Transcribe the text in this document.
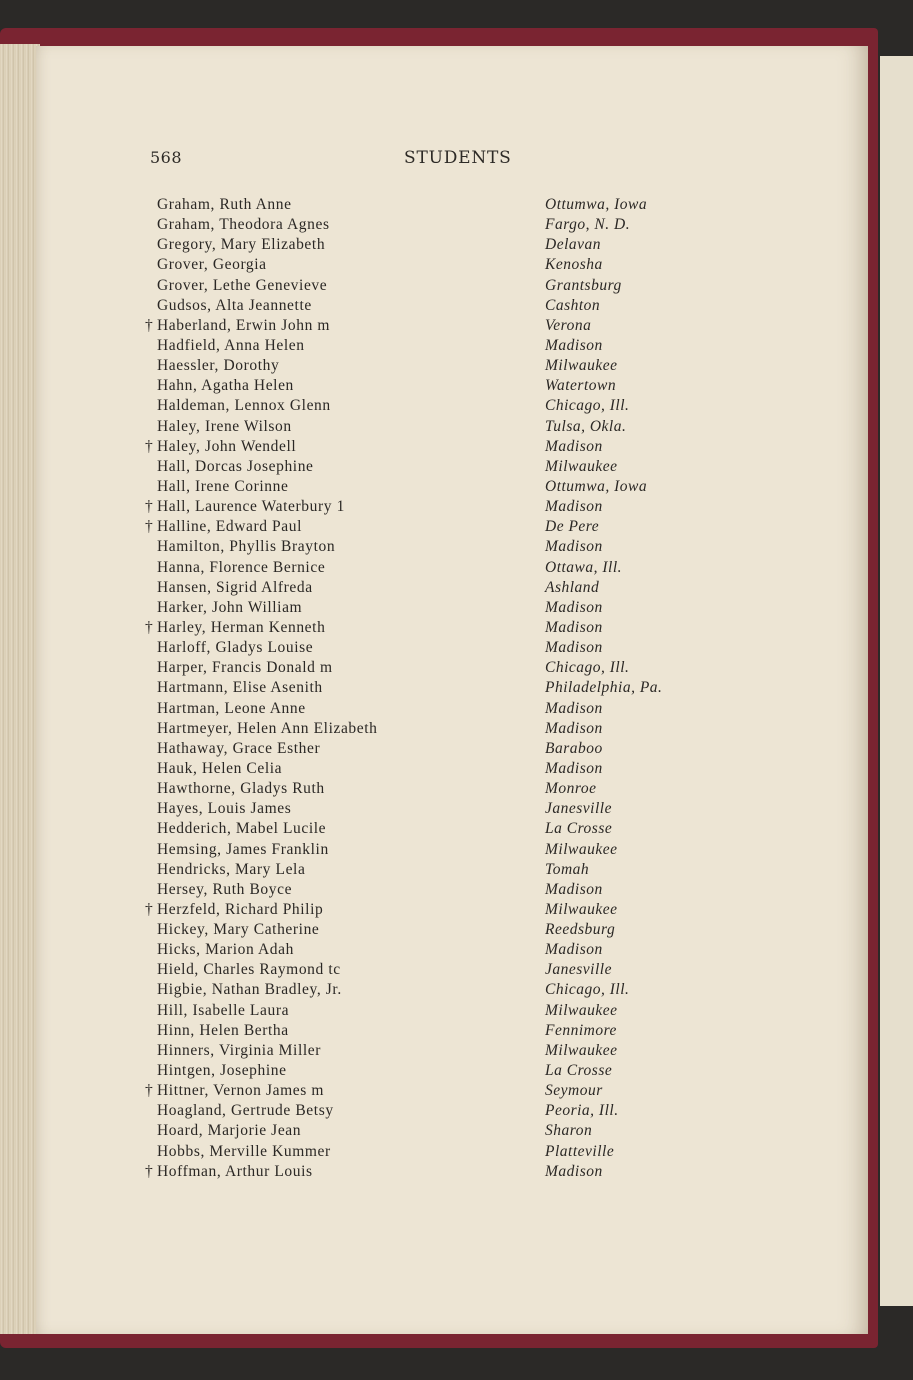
568	STUDENTS
Graham, Ruth Anne	Ottumwa, Iowa
Graham, Theodora Agnes	Fargo, N. D.
Gregory, Mary Elizabeth	Delavan
Grover, Georgia	Kenosha
Grover, Lethe Genevieve	Grantsburg
Gudsos, Alta Jeannette	Cashton
† Haberland, Erwin John m	Verona
Hadfield, Anna Helen	Madison
Haessler, Dorothy	Milwaukee
Hahn, Agatha Helen	Watertown
Haldeman, Lennox Glenn	Chicago, Ill.
Haley, Irene Wilson	Tulsa, Okla.
† Haley, John Wendell	Madison
Hall, Dorcas Josephine	Milwaukee
Hall, Irene Corinne	Ottumwa, Iowa
† Hall, Laurence Waterbury 1	Madison
† Halline, Edward Paul	De Pere
Hamilton, Phyllis Brayton	Madison
Hanna, Florence Bernice	Ottawa, Ill.
Hansen, Sigrid Alfreda	Ashland
Harker, John William	Madison
† Harley, Herman Kenneth	Madison
Harloff, Gladys Louise	Madison
Harper, Francis Donald m	Chicago, Ill.
Hartmann, Elise Asenith	Philadelphia, Pa.
Hartman, Leone Anne	Madison
Hartmeyer, Helen Ann Elizabeth	Madison
Hathaway, Grace Esther	Baraboo
Hauk, Helen Celia	Madison
Hawthorne, Gladys Ruth	Monroe
Hayes, Louis James	Janesville
Hedderich, Mabel Lucile	La Crosse
Hemsing, James Franklin	Milwaukee
Hendricks, Mary Lela	Tomah
Hersey, Ruth Boyce	Madison
† Herzfeld, Richard Philip	Milwaukee
Hickey, Mary Catherine	Reedsburg
Hicks, Marion Adah	Madison
Hield, Charles Raymond tc	Janesville
Higbie, Nathan Bradley, Jr.	Chicago, Ill.
Hill, Isabelle Laura	Milwaukee
Hinn, Helen Bertha	Fennimore
Hinners, Virginia Miller	Milwaukee
Hintgen, Josephine	La Crosse
† Hittner, Vernon James m	Seymour
Hoagland, Gertrude Betsy	Peoria, Ill.
Hoard, Marjorie Jean	Sharon
Hobbs, Merville Kummer	Platteville
† Hoffman, Arthur Louis	Madison
